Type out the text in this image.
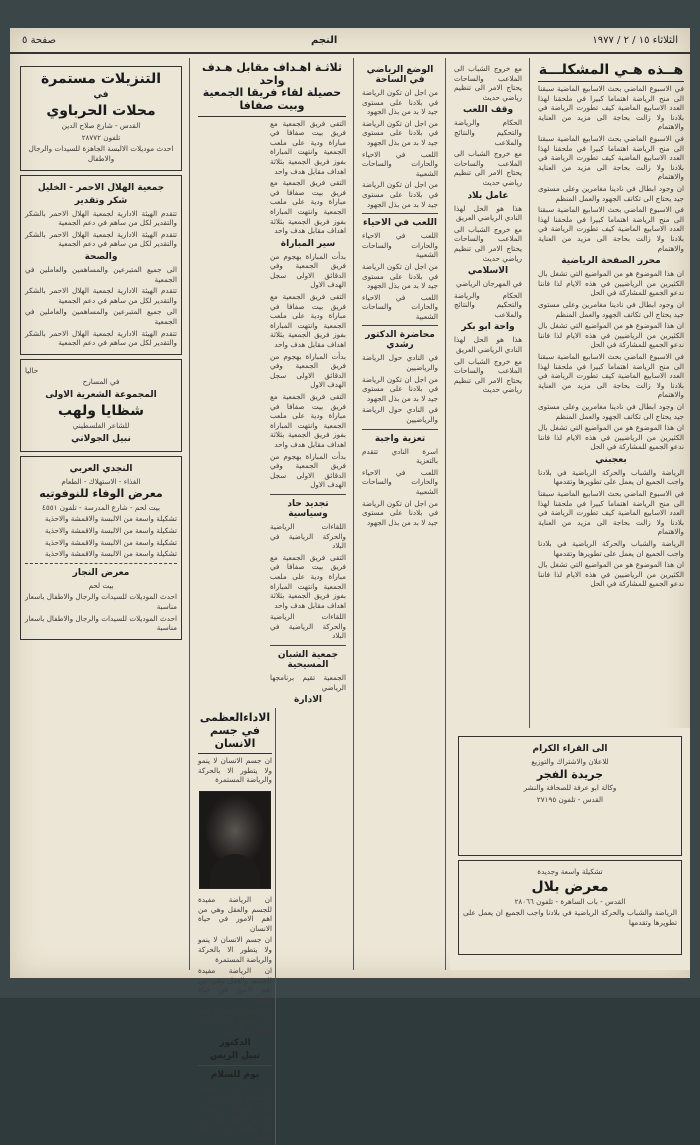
الثلاثاء ١٥ / ٢ / ١٩٧٧
النجم
صفحة ٥
هــذه هـي المشكلـــة

في الاسبوع الماضي بحث الاسابيع الماضية سبقنا الى منح الرياضة اهتماما كبيرا في ملحقنا لهذا العدد الاسابيع الماضية كيف تطورت الرياضة في بلادنا ولا زالت بحاجة الى مزيد من العناية والاهتمام

في الاسبوع الماضي بحث الاسابيع الماضية سبقنا الى منح الرياضة اهتماما كبيرا في ملحقنا لهذا العدد الاسابيع الماضية كيف تطورت الرياضة في بلادنا ولا زالت بحاجة الى مزيد من العناية والاهتمام

ان وجود ابطال في نادينا مغامرين وعلى مستوى جيد يحتاج الى تكاتف الجهود والعمل المنظم

في الاسبوع الماضي بحث الاسابيع الماضية سبقنا الى منح الرياضة اهتماما كبيرا في ملحقنا لهذا العدد الاسابيع الماضية كيف تطورت الرياضة في بلادنا ولا زالت بحاجة الى مزيد من العناية والاهتمام

محرر الصفحة الرياضية

ان هذا الموضوع هو من المواضيع التي تشغل بال الكثيرين من الرياضيين في هذه الايام لذا فاننا ندعو الجميع للمشاركة في الحل

ان وجود ابطال في نادينا مغامرين وعلى مستوى جيد يحتاج الى تكاتف الجهود والعمل المنظم

ان هذا الموضوع هو من المواضيع التي تشغل بال الكثيرين من الرياضيين في هذه الايام لذا فاننا ندعو الجميع للمشاركة في الحل

في الاسبوع الماضي بحث الاسابيع الماضية سبقنا الى منح الرياضة اهتماما كبيرا في ملحقنا لهذا العدد الاسابيع الماضية كيف تطورت الرياضة في بلادنا ولا زالت بحاجة الى مزيد من العناية والاهتمام

ان وجود ابطال في نادينا مغامرين وعلى مستوى جيد يحتاج الى تكاتف الجهود والعمل المنظم

ان هذا الموضوع هو من المواضيع التي تشغل بال الكثيرين من الرياضيين في هذه الايام لذا فاننا ندعو الجميع للمشاركة في الحل

بعجبني

الرياضة والشباب والحركة الرياضية في بلادنا واجب الجميع ان يعمل على تطويرها وتقدمها

في الاسبوع الماضي بحث الاسابيع الماضية سبقنا الى منح الرياضة اهتماما كبيرا في ملحقنا لهذا العدد الاسابيع الماضية كيف تطورت الرياضة في بلادنا ولا زالت بحاجة الى مزيد من العناية والاهتمام

الرياضة والشباب والحركة الرياضية في بلادنا واجب الجميع ان يعمل على تطويرها وتقدمها

ان هذا الموضوع هو من المواضيع التي تشغل بال الكثيرين من الرياضيين في هذه الايام لذا فاننا ندعو الجميع للمشاركة في الحل

مع خروج الشباب الى الملاعب والساحات يحتاج الامر الى تنظيم رياضي حديث

وقف اللعب

الحكام والرياضة والتحكيم والنتائج والملاعب

مع خروج الشباب الى الملاعب والساحات يحتاج الامر الى تنظيم رياضي حديث

عامل بلاد

هذا هو الحل لهذا النادي الرياضي العريق

مع خروج الشباب الى الملاعب والساحات يحتاج الامر الى تنظيم رياضي حديث

الاسلامي

في المهرجان الرياضي

الحكام والرياضة والتحكيم والنتائج والملاعب

واحة ابو بكر

هذا هو الحل لهذا النادي الرياضي العريق

مع خروج الشباب الى الملاعب والساحات يحتاج الامر الى تنظيم رياضي حديث

الى القراء الكرام
للاعلان والاشتراك والتوزيع
جريدة الفجر
وكالة ابو عرفة للصحافة والنشر
القدس - تلفون ٢٧١٩٥
تشكيلة واسعة وجديدة
معرض بلال
القدس - باب الساهرة - تلفون ٢٨٠٦٦
الرياضة والشباب والحركة الرياضية في بلادنا واجب الجميع ان يعمل على تطويرها وتقدمها
الوضع الرياضي في الساحة

من اجل ان تكون الرياضة في بلادنا على مستوى جيد لا بد من بذل الجهود

من اجل ان تكون الرياضة في بلادنا على مستوى جيد لا بد من بذل الجهود

اللعب في الاحياء والحارات والساحات الشعبية

من اجل ان تكون الرياضة في بلادنا على مستوى جيد لا بد من بذل الجهود

اللعب في الاحياء

اللعب في الاحياء والحارات والساحات الشعبية

من اجل ان تكون الرياضة في بلادنا على مستوى جيد لا بد من بذل الجهود

اللعب في الاحياء والحارات والساحات الشعبية

محاضرة الدكتور رشدي

في النادي حول الرياضة والرياضيين

من اجل ان تكون الرياضة في بلادنا على مستوى جيد لا بد من بذل الجهود

في النادي حول الرياضة والرياضيين

تعزية واجبة

اسرة النادي تتقدم بالتعزية

اللعب في الاحياء والحارات والساحات الشعبية

من اجل ان تكون الرياضة في بلادنا على مستوى جيد لا بد من بذل الجهود

ثلاثـة اهـداف مقابل هـدف واحد
حصيلة لقاء فريقا الجمعية وبيت صفافا

التقى فريق الجمعية مع فريق بيت صفافا في مباراة ودية على ملعب الجمعية وانتهت المباراة بفوز فريق الجمعية بثلاثة اهداف مقابل هدف واحد

التقى فريق الجمعية مع فريق بيت صفافا في مباراة ودية على ملعب الجمعية وانتهت المباراة بفوز فريق الجمعية بثلاثة اهداف مقابل هدف واحد

سير المباراة

بدأت المباراة بهجوم من فريق الجمعية وفي الدقائق الاولى سجل الهدف الاول

التقى فريق الجمعية مع فريق بيت صفافا في مباراة ودية على ملعب الجمعية وانتهت المباراة بفوز فريق الجمعية بثلاثة اهداف مقابل هدف واحد

بدأت المباراة بهجوم من فريق الجمعية وفي الدقائق الاولى سجل الهدف الاول

التقى فريق الجمعية مع فريق بيت صفافا في مباراة ودية على ملعب الجمعية وانتهت المباراة بفوز فريق الجمعية بثلاثة اهداف مقابل هدف واحد

بدأت المباراة بهجوم من فريق الجمعية وفي الدقائق الاولى سجل الهدف الاول

تجديد حاد وسياسية

اللقاءات الرياضية والحركة الرياضية في البلاد

التقى فريق الجمعية مع فريق بيت صفافا في مباراة ودية على ملعب الجمعية وانتهت المباراة بفوز فريق الجمعية بثلاثة اهداف مقابل هدف واحد

اللقاءات الرياضية والحركة الرياضية في البلاد

جمعية الشبان المسيحية

الجمعية تقيم برنامجها الرياضي

الادارة
الاداءالعظمى
في جسم الانسان

ان جسم الانسان لا ينمو ولا يتطور الا بالحركة والرياضة المستمرة

ان الرياضة مفيدة للجسم والعقل وهي من اهم الامور في حياة الانسان

ان جسم الانسان لا ينمو ولا يتطور الا بالحركة والرياضة المستمرة

ان الرياضة مفيدة للجسم والعقل وهي من اهم الامور في حياة الانسان

ان جسم الانسان لا ينمو ولا يتطور الا بالحركة والرياضة المستمرة

الدكتور
نبيل الريس
يوم للسلام

من اجل السلام والصداقة بين الشعوب

ان الرياضة مفيدة للجسم والعقل وهي من اهم الامور في حياة الانسان

التنزيلات مستمرة
في
محلات الحرباوي
القدس - شارع صلاح الدين
تلفون ٢٨٧٧٢
احدث موديلات الالبسة الجاهزة للسيدات والرجال والاطفال
جمعية الهلال الاحمر - الخليل
شكر وتقدير

تتقدم الهيئة الادارية لجمعية الهلال الاحمر بالشكر والتقدير لكل من ساهم في دعم الجمعية

تتقدم الهيئة الادارية لجمعية الهلال الاحمر بالشكر والتقدير لكل من ساهم في دعم الجمعية

والصحة

الى جميع المتبرعين والمساهمين والعاملين في الجمعية

تتقدم الهيئة الادارية لجمعية الهلال الاحمر بالشكر والتقدير لكل من ساهم في دعم الجمعية

الى جميع المتبرعين والمساهمين والعاملين في الجمعية

تتقدم الهيئة الادارية لجمعية الهلال الاحمر بالشكر والتقدير لكل من ساهم في دعم الجمعية

حاليا
في المسارح
المجموعة الشعرية الاولى
شظايا ولهب
للشاعر الفلسطيني
نبيل الجولاني
النجدي العربي
الغذاء - الاستهلاك - الطعام
معرض الوفاء للنوفوتيه
بيت لحم - شارع المدرسة - تلفون ٤٥٥١

تشكيلة واسعة من الالبسة والاقمشة والاحذية

تشكيلة واسعة من الالبسة والاقمشة والاحذية

تشكيلة واسعة من الالبسة والاقمشة والاحذية

تشكيلة واسعة من الالبسة والاقمشة والاحذية

معرض النجار
بيت لحم

احدث الموديلات للسيدات والرجال والاطفال باسعار مناسبة

احدث الموديلات للسيدات والرجال والاطفال باسعار مناسبة
